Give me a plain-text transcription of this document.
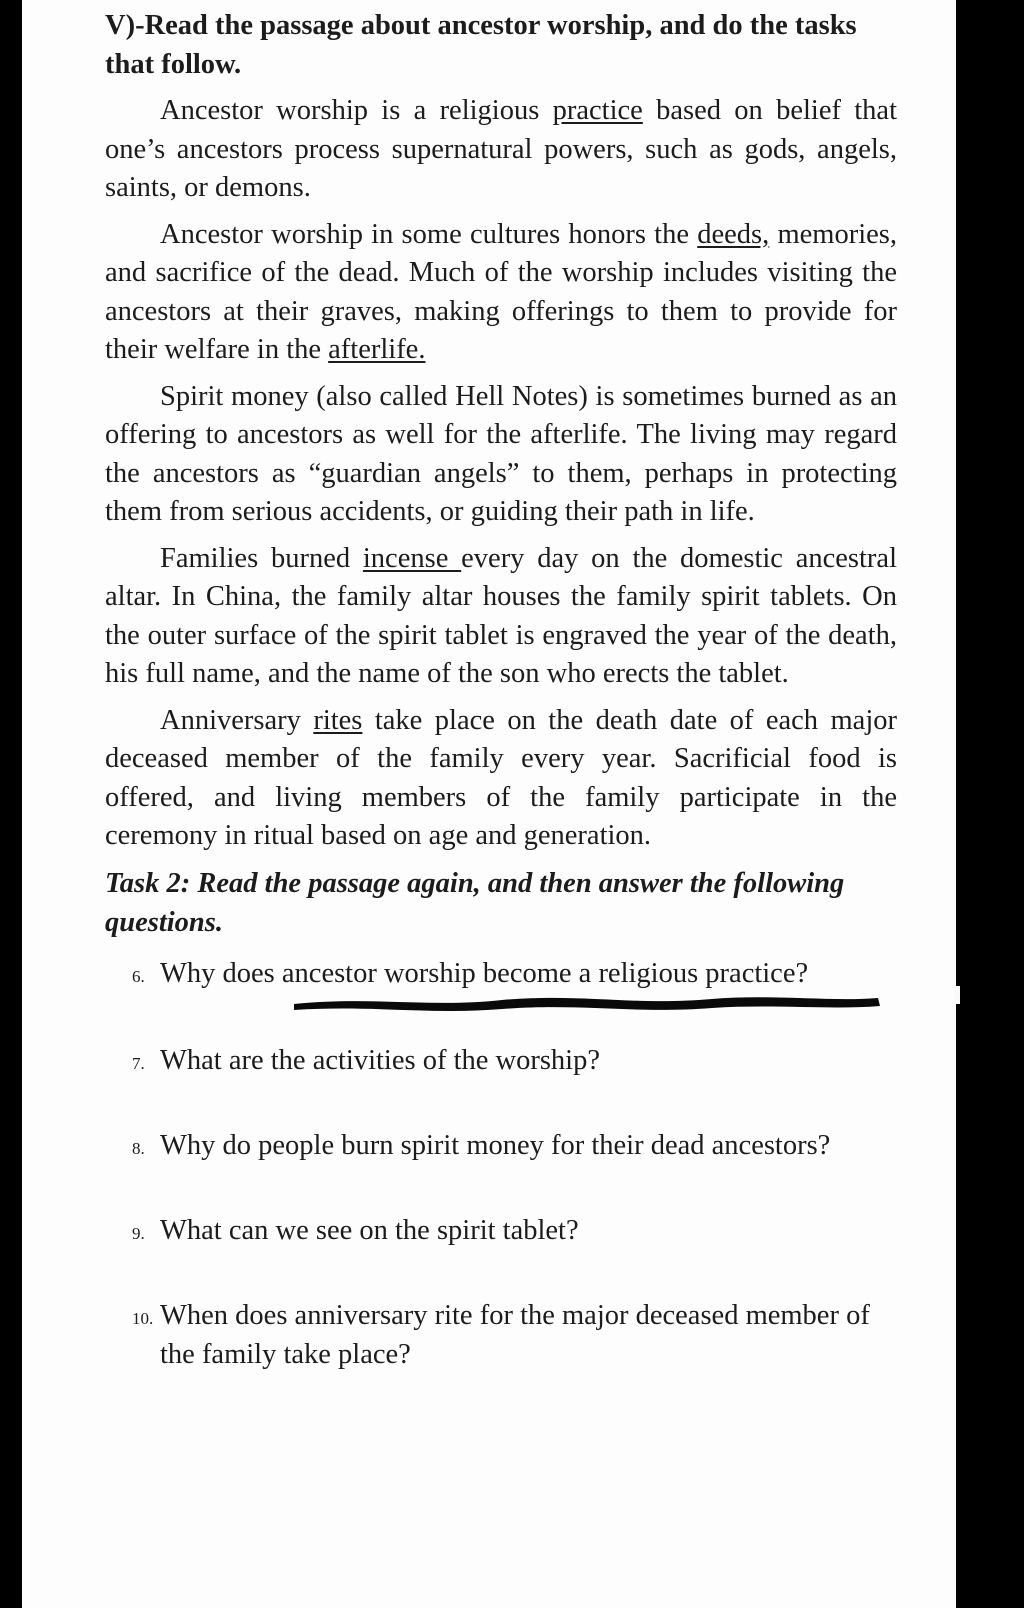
V)-Read the passage about ancestor worship, and do the tasks that follow.

Ancestor worship is a religious practice based on belief that one’s ancestors process supernatural powers, such as gods, angels, saints, or demons.

Ancestor worship in some cultures honors the deeds, memories, and sacrifice of the dead. Much of the worship includes visiting the ancestors at their graves, making offerings to them to provide for their welfare in the afterlife.

Spirit money (also called Hell Notes) is sometimes burned as an offering to ancestors as well for the afterlife. The living may regard the ancestors as “guardian angels” to them, perhaps in protecting them from serious accidents, or guiding their path in life.

Families burned incense every day on the domestic ancestral altar. In China, the family altar houses the family spirit tablets. On the outer surface of the spirit tablet is engraved the year of the death, his full name, and the name of the son who erects the tablet.

Anniversary rites take place on the death date of each major deceased member of the family every year. Sacrificial food is offered, and living members of the family participate in the ceremony in ritual based on age and generation.

Task 2: Read the passage again, and then answer the following questions.
6. Why does ancestor worship become a religious practice?
7. What are the activities of the worship?
8. Why do people burn spirit money for their dead ancestors?
9. What can we see on the spirit tablet?
10. When does anniversary rite for the major deceased member of the family take place?
